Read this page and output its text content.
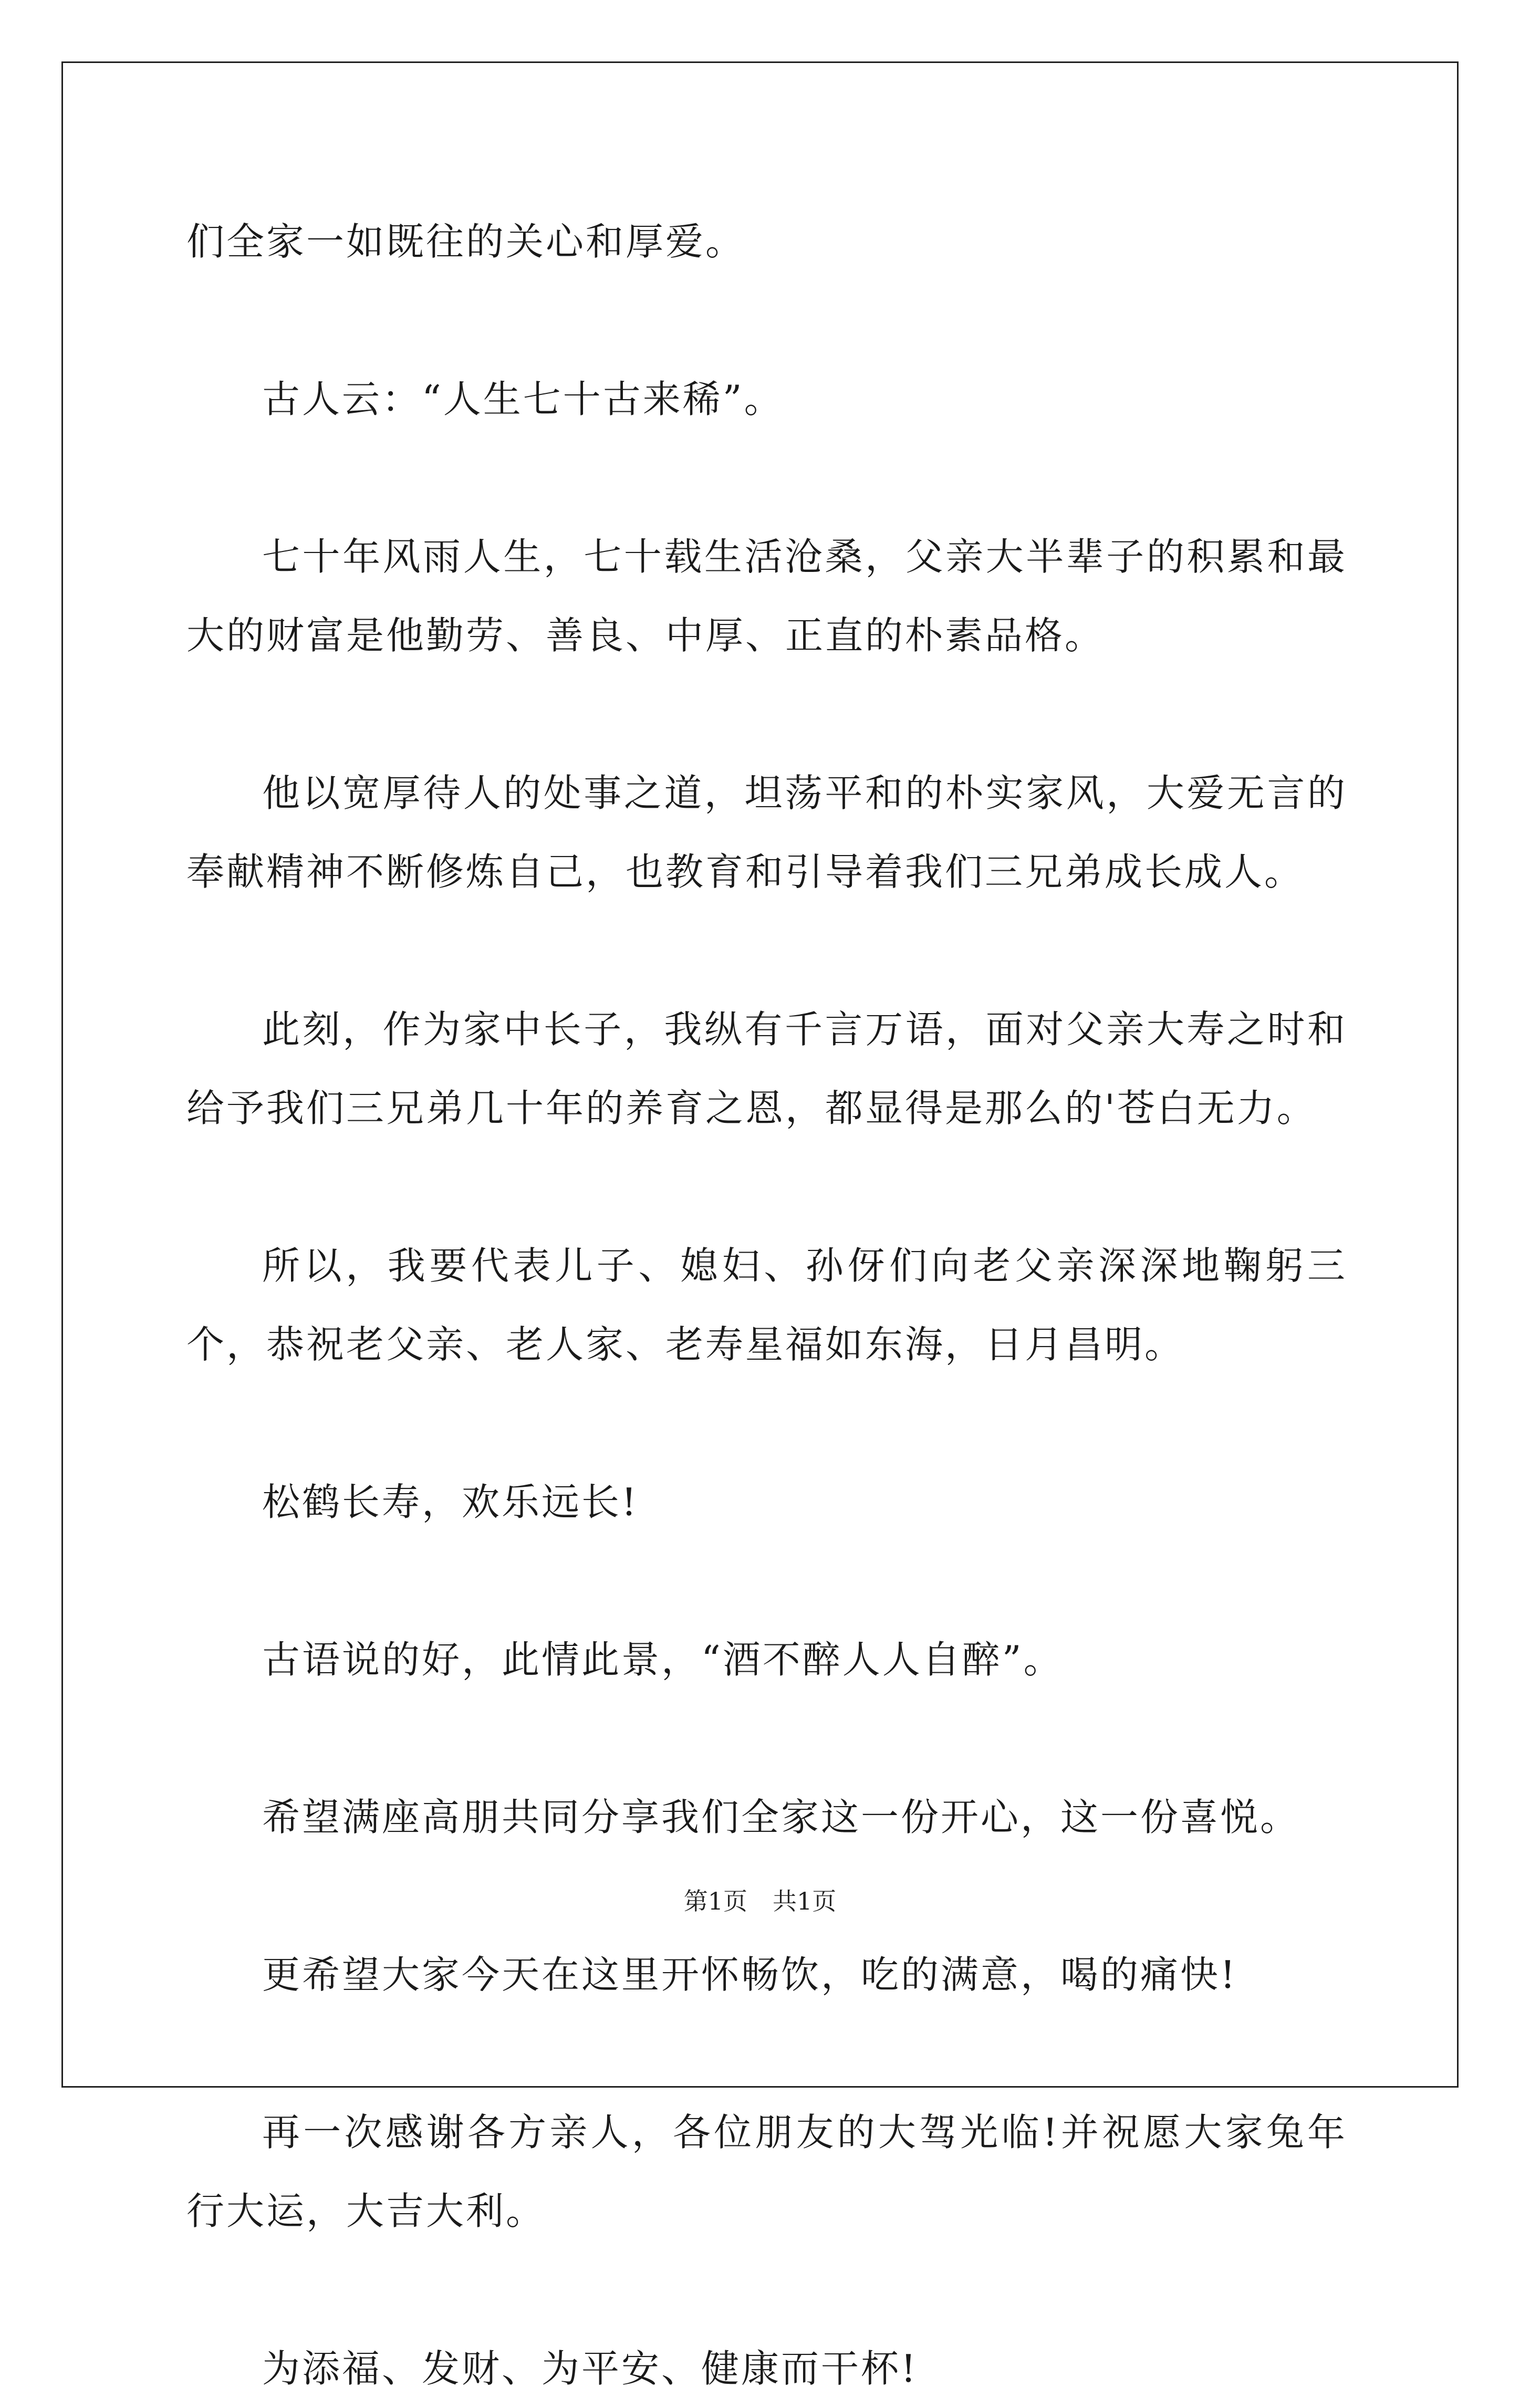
们全家一如既往的关心和厚爱。

古人云：“人生七十古来稀”。

七十年风雨人生，七十载生活沧桑，父亲大半辈子的积累和最大的财富是他勤劳、善良、中厚、正直的朴素品格。

他以宽厚待人的处事之道，坦荡平和的朴实家风，大爱无言的奉献精神不断修炼自己，也教育和引导着我们三兄弟成长成人。

此刻，作为家中长子，我纵有千言万语，面对父亲大寿之时和给予我们三兄弟几十年的养育之恩，都显得是那么的'苍白无力。

所以，我要代表儿子、媳妇、孙伢们向老父亲深深地鞠躬三个，恭祝老父亲、老人家、老寿星福如东海，日月昌明。

松鹤长寿，欢乐远长!

古语说的好，此情此景，“酒不醉人人自醉”。

希望满座高朋共同分享我们全家这一份开心，这一份喜悦。

更希望大家今天在这里开怀畅饮，吃的满意，喝的痛快!

再一次感谢各方亲人，各位朋友的大驾光临!并祝愿大家兔年行大运，大吉大利。

为添福、发财、为平安、健康而干杯!

第1页 共1页
